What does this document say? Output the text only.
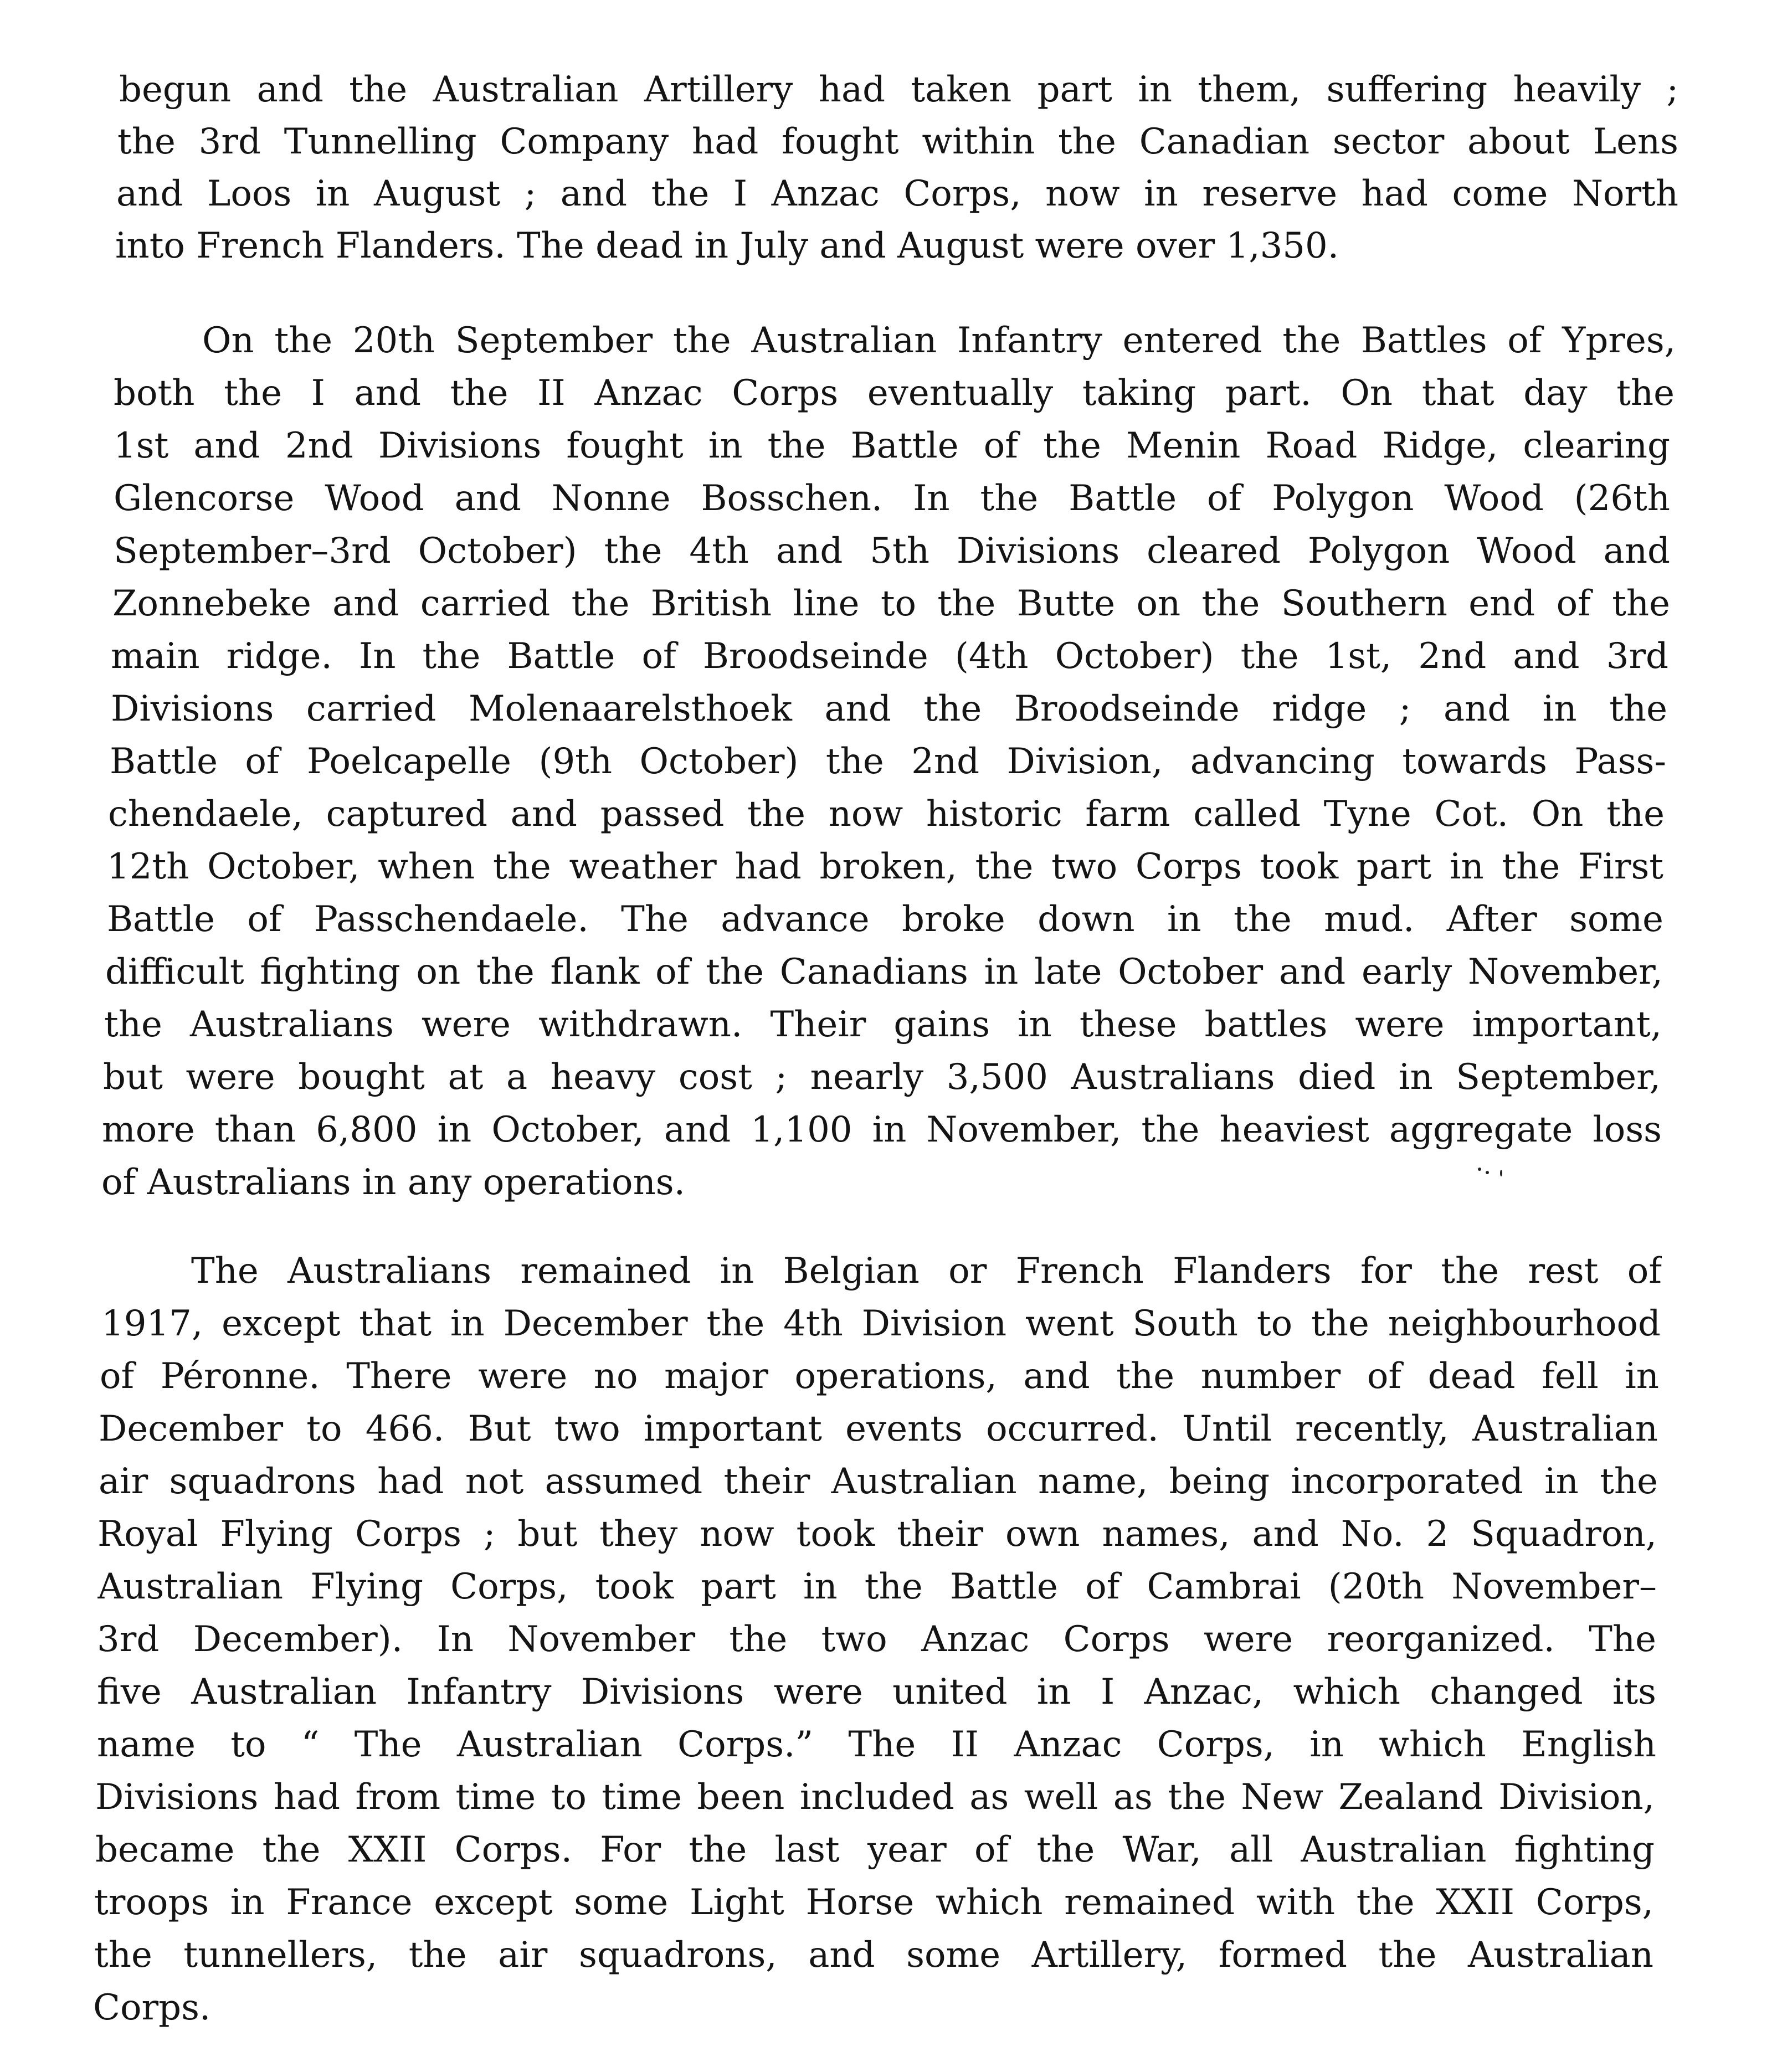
begun and the Australian Artillery had taken part in them, suffering heavily ;

the 3rd Tunnelling Company had fought within the Canadian sector about Lens

and Loos in August ; and the I Anzac Corps, now in reserve had come North

into French Flanders. The dead in July and August were over 1,350.

On the 20th September the Australian Infantry entered the Battles of Ypres,

both the I and the II Anzac Corps eventually taking part. On that day the

1st and 2nd Divisions fought in the Battle of the Menin Road Ridge, clearing

Glencorse Wood and Nonne Bosschen. In the Battle of Polygon Wood (26th

September–3rd October) the 4th and 5th Divisions cleared Polygon Wood and

Zonnebeke and carried the British line to the Butte on the Southern end of the

main ridge. In the Battle of Broodseinde (4th October) the 1st, 2nd and 3rd

Divisions carried Molenaarelsthoek and the Broodseinde ridge ; and in the

Battle of Poelcapelle (9th October) the 2nd Division, advancing towards Pass-

chendaele, captured and passed the now historic farm called Tyne Cot. On the

12th October, when the weather had broken, the two Corps took part in the First

Battle of Passchendaele. The advance broke down in the mud. After some

difficult fighting on the flank of the Canadians in late October and early November,

the Australians were withdrawn. Their gains in these battles were important,

but were bought at a heavy cost ; nearly 3,500 Australians died in September,

more than 6,800 in October, and 1,100 in November, the heaviest aggregate loss

of Australians in any operations.

The Australians remained in Belgian or French Flanders for the rest of

1917, except that in December the 4th Division went South to the neighbourhood

of Péronne. There were no major operations, and the number of dead fell in

December to 466. But two important events occurred. Until recently, Australian

air squadrons had not assumed their Australian name, being incorporated in the

Royal Flying Corps ; but they now took their own names, and No. 2 Squadron,

Australian Flying Corps, took part in the Battle of Cambrai (20th November–

3rd December). In November the two Anzac Corps were reorganized. The

five Australian Infantry Divisions were united in I Anzac, which changed its

name to “ The Australian Corps.” The II Anzac Corps, in which English

Divisions had from time to time been included as well as the New Zealand Division,

became the XXII Corps. For the last year of the War, all Australian fighting

troops in France except some Light Horse which remained with the XXII Corps,

the tunnellers, the air squadrons, and some Artillery, formed the Australian

Corps.
